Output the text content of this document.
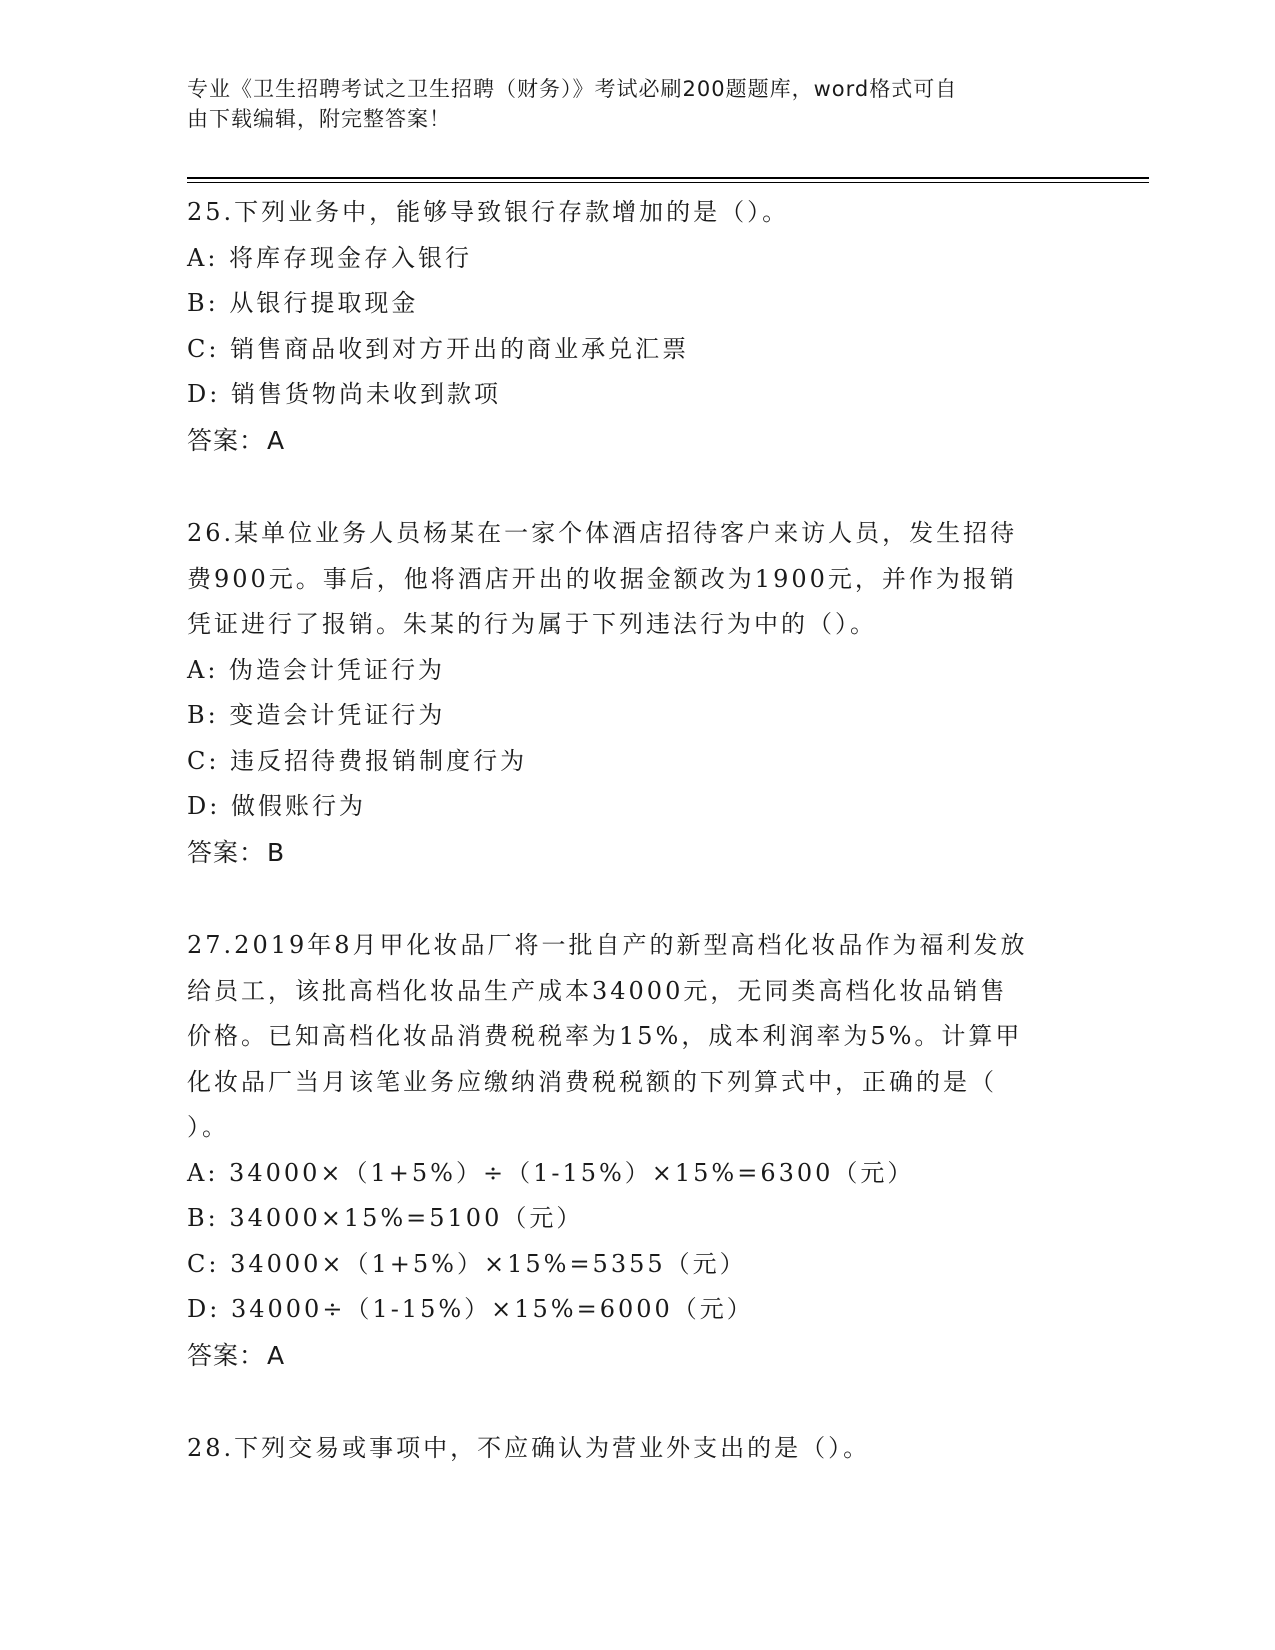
专业《卫生招聘考试之卫生招聘（财务）》考试必刷200题题库，word格式可自
由下载编辑，附完整答案！

25.下列业务中，能够导致银行存款增加的是（）。

A: 将库存现金存入银行

B: 从银行提取现金

C: 销售商品收到对方开出的商业承兑汇票

D: 销售货物尚未收到款项

答案：A

26.某单位业务人员杨某在一家个体酒店招待客户来访人员，发生招待

费900元。事后，他将酒店开出的收据金额改为1900元，并作为报销

凭证进行了报销。朱某的行为属于下列违法行为中的（）。

A: 伪造会计凭证行为

B: 变造会计凭证行为

C: 违反招待费报销制度行为

D: 做假账行为

答案：B

27.2019年8月甲化妆品厂将一批自产的新型高档化妆品作为福利发放

给员工，该批高档化妆品生产成本34000元，无同类高档化妆品销售

价格。已知高档化妆品消费税税率为15%，成本利润率为5%。计算甲

化妆品厂当月该笔业务应缴纳消费税税额的下列算式中，正确的是（

）。

A: 34000×（1+5%）÷（1-15%）×15%=6300（元）

B: 34000×15%=5100（元）

C: 34000×（1+5%）×15%=5355（元）

D: 34000÷（1-15%）×15%=6000（元）

答案：A

28.下列交易或事项中，不应确认为营业外支出的是（）。
